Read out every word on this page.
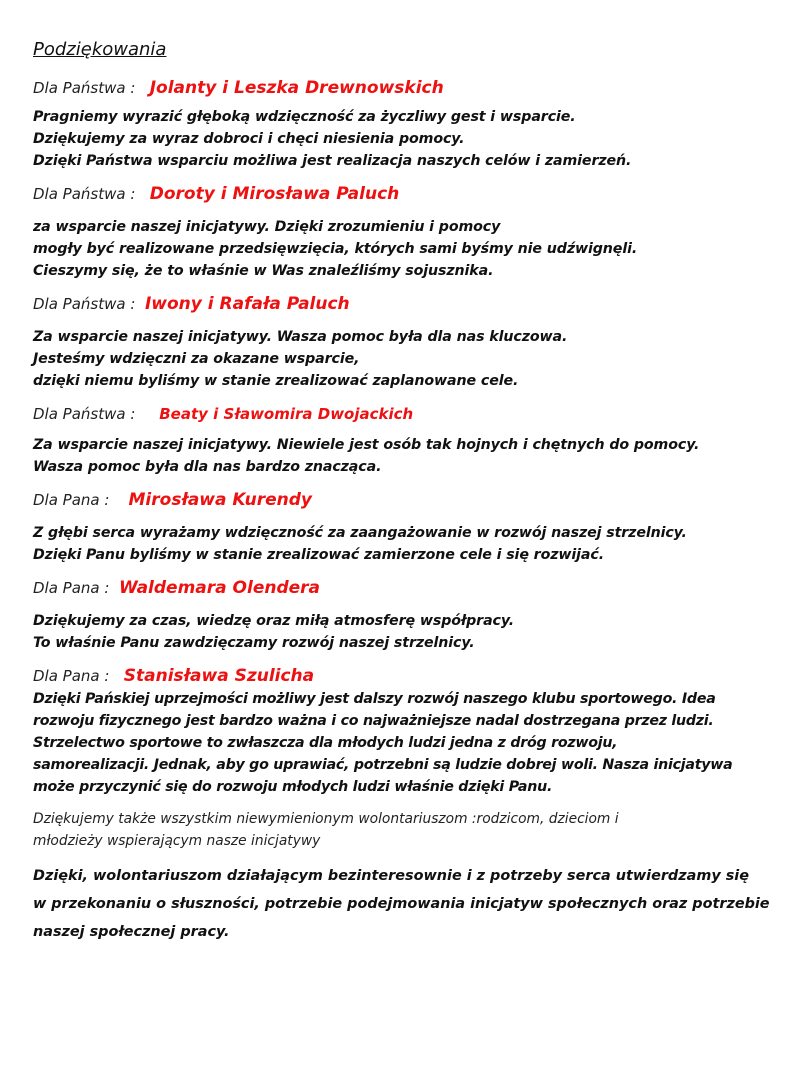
Podziękowania
Dla Państwa : Jolanty i Leszka Drewnowskich
Pragniemy wyrazić głęboką wdzięczność za życzliwy gest i wsparcie.
Dziękujemy za wyraz dobroci i chęci niesienia pomocy.
Dzięki Państwa wsparciu możliwa jest realizacja naszych celów i zamierzeń.
Dla Państwa : Doroty i Mirosława Paluch
za wsparcie naszej inicjatywy. Dzięki zrozumieniu i pomocy
mogły być realizowane przedsięwzięcia, których sami byśmy nie udźwignęli.
Cieszymy się, że to właśnie w Was znaleźliśmy sojusznika.
Dla Państwa : Iwony i Rafała Paluch
Za wsparcie naszej inicjatywy. Wasza pomoc była dla nas kluczowa.
Jesteśmy wdzięczni za okazane wsparcie,
dzięki niemu byliśmy w stanie zrealizować zaplanowane cele.
Dla Państwa : Beaty i Sławomira Dwojackich
Za wsparcie naszej inicjatywy. Niewiele jest osób tak hojnych i chętnych do pomocy.
Wasza pomoc była dla nas bardzo znacząca.
Dla Pana : Mirosława Kurendy
Z głębi serca wyrażamy wdzięczność za zaangażowanie w rozwój naszej strzelnicy.
Dzięki Panu byliśmy w stanie zrealizować zamierzone cele i się rozwijać.
Dla Pana : Waldemara Olendera
Dziękujemy za czas, wiedzę oraz miłą atmosferę współpracy.
To właśnie Panu zawdzięczamy rozwój naszej strzelnicy.
Dla Pana : Stanisława Szulicha
Dzięki Pańskiej uprzejmości możliwy jest dalszy rozwój naszego klubu sportowego. Idea
rozwoju fizycznego jest bardzo ważna i co najważniejsze nadal dostrzegana przez ludzi.
Strzelectwo sportowe to zwłaszcza dla młodych ludzi jedna z dróg rozwoju,
samorealizacji. Jednak, aby go uprawiać, potrzebni są ludzie dobrej woli. Nasza inicjatywa
może przyczynić się do rozwoju młodych ludzi właśnie dzięki Panu.
Dziękujemy także wszystkim niewymienionym wolontariuszom :rodzicom, dzieciom i
młodzieży wspierającym nasze inicjatywy
Dzięki, wolontariuszom działającym bezinteresownie i z potrzeby serca utwierdzamy się
w przekonaniu o słuszności, potrzebie podejmowania inicjatyw społecznych oraz potrzebie
naszej społecznej pracy.
